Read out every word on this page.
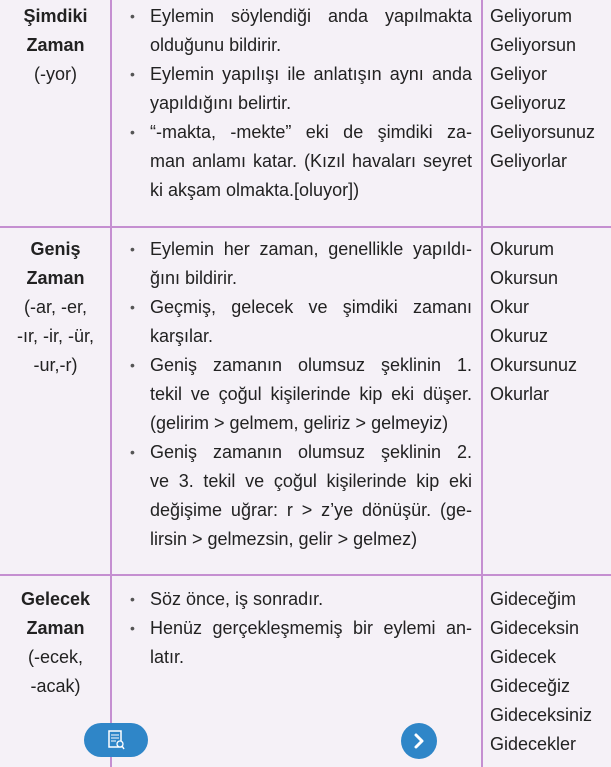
Şimdiki
Zaman
(-yor)
• Eylemin söylendiği anda yapılmakta
olduğunu bildirir.
• Eylemin yapılışı ile anlatışın aynı anda
yapıldığını belirtir.
• “-makta, -mekte” eki de şimdiki za-
man anlamı katar. (Kızıl havaları seyret
ki akşam olmakta.[oluyor])
Geliyorum
Geliyorsun
Geliyor
Geliyoruz
Geliyorsunuz
Geliyorlar
Geniş
Zaman
(-ar, -er,
-ır, -ir, -ür,
-ur,-r)
• Eylemin her zaman, genellikle yapıldı-
ğını bildirir.
• Geçmiş, gelecek ve şimdiki zamanı
karşılar.
• Geniş zamanın olumsuz şeklinin 1.
tekil ve çoğul kişilerinde kip eki düşer.
(gelirim > gelmem, geliriz > gelmeyiz)
• Geniş zamanın olumsuz şeklinin 2.
ve 3. tekil ve çoğul kişilerinde kip eki
değişime uğrar: r > z’ye dönüşür. (ge-
lirsin > gelmezsin, gelir > gelmez)
Okurum
Okursun
Okur
Okuruz
Okursunuz
Okurlar
Gelecek
Zaman
(-ecek,
-acak)
• Söz önce, iş sonradır.
• Henüz gerçekleşmemiş bir eylemi an-
latır.
Gideceğim
Gideceksin
Gidecek
Gideceğiz
Gideceksiniz
Gidecekler
